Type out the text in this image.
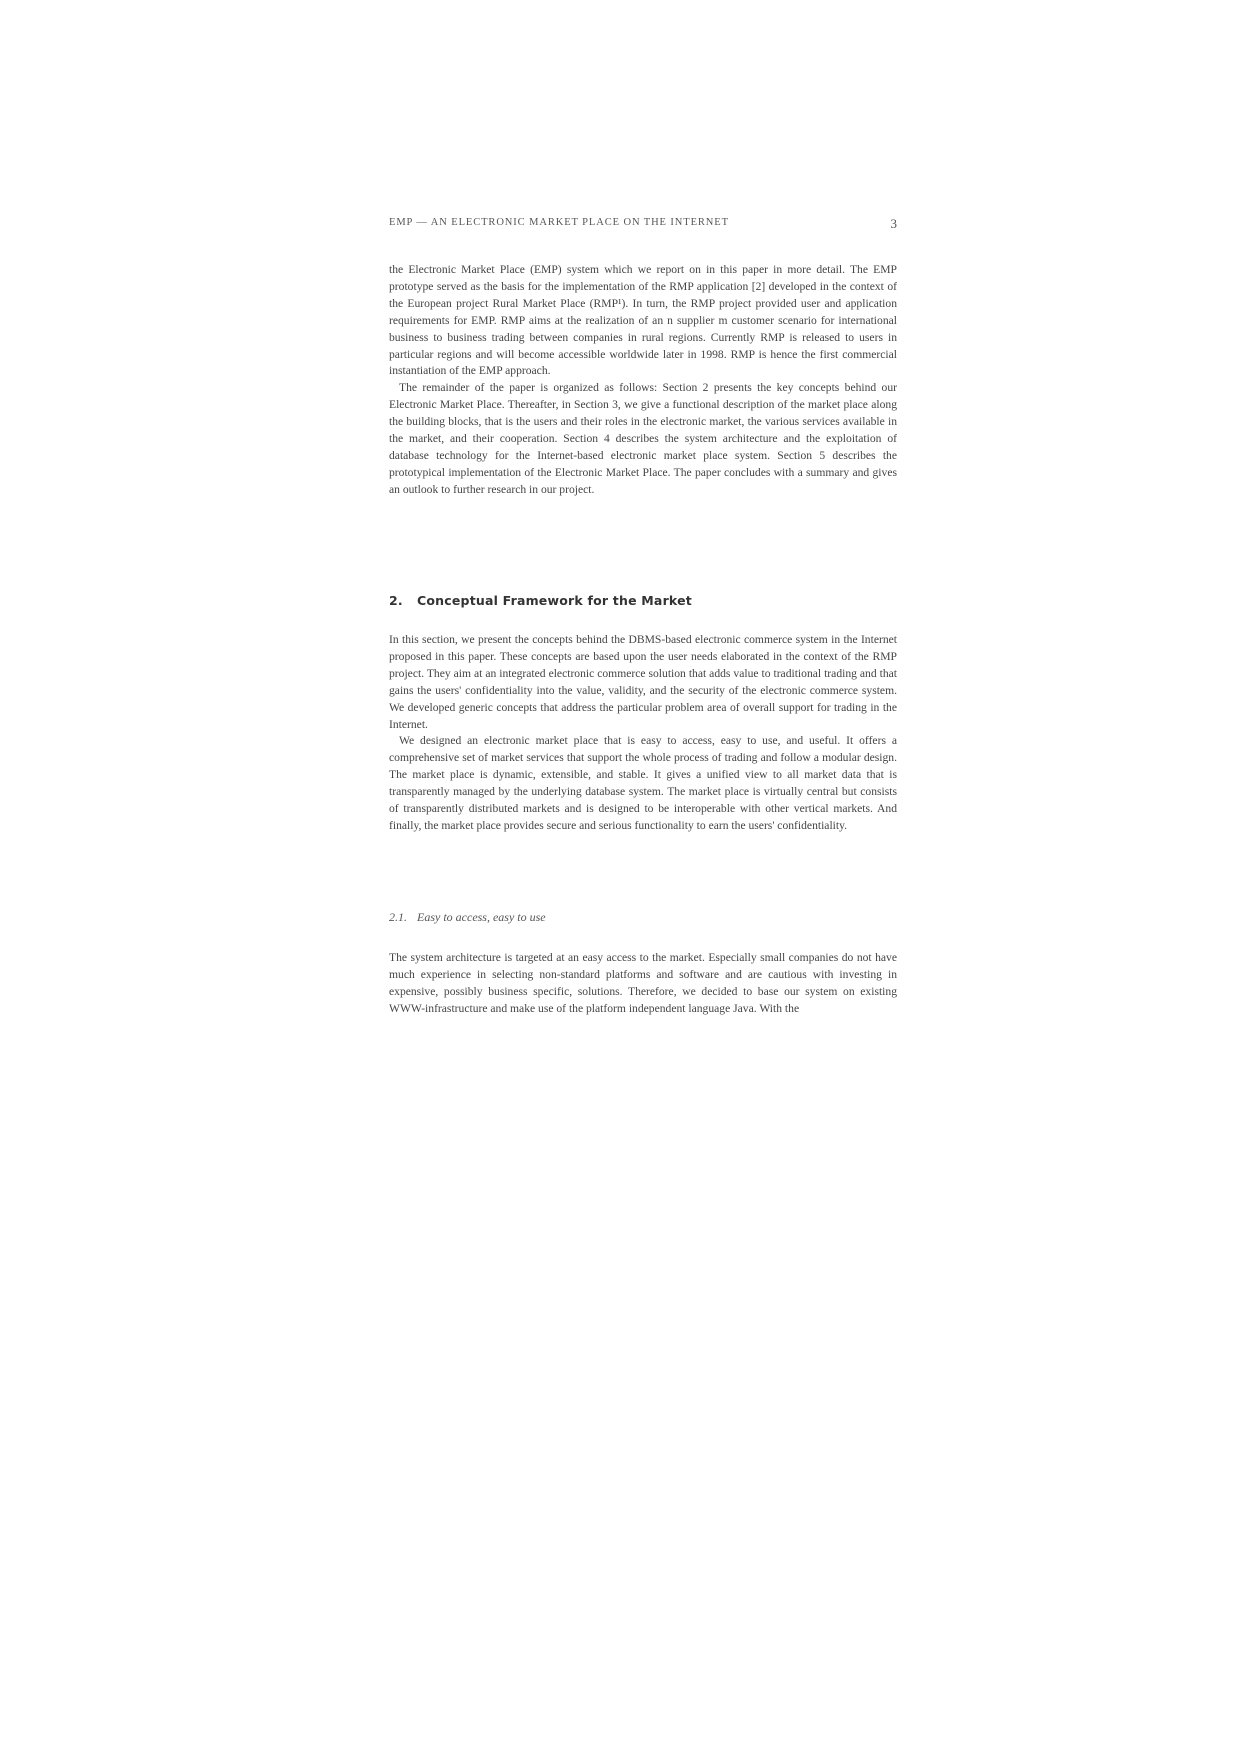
EMP — AN ELECTRONIC MARKET PLACE ON THE INTERNET	3

the Electronic Market Place (EMP) system which we report on in this paper in more detail. The EMP prototype served as the basis for the implementation of the RMP application [2] developed in the context of the European project Rural Market Place (RMP¹). In turn, the RMP project provided user and application requirements for EMP. RMP aims at the realization of an n supplier m customer scenario for international business to business trading between companies in rural regions. Currently RMP is released to users in particular regions and will become accessible worldwide later in 1998. RMP is hence the first commercial instantiation of the EMP approach.

The remainder of the paper is organized as follows: Section 2 presents the key concepts behind our Electronic Market Place. Thereafter, in Section 3, we give a functional description of the market place along the building blocks, that is the users and their roles in the electronic market, the various services available in the market, and their cooperation. Section 4 describes the system architecture and the exploitation of database technology for the Internet-based electronic market place system. Section 5 describes the prototypical implementation of the Electronic Market Place. The paper concludes with a summary and gives an outlook to further research in our project.

2. Conceptual Framework for the Market

In this section, we present the concepts behind the DBMS-based electronic commerce system in the Internet proposed in this paper. These concepts are based upon the user needs elaborated in the context of the RMP project. They aim at an integrated electronic commerce solution that adds value to traditional trading and that gains the users' confidentiality into the value, validity, and the security of the electronic commerce system. We developed generic concepts that address the particular problem area of overall support for trading in the Internet.

We designed an electronic market place that is easy to access, easy to use, and useful. It offers a comprehensive set of market services that support the whole process of trading and follow a modular design. The market place is dynamic, extensible, and stable. It gives a unified view to all market data that is transparently managed by the underlying database system. The market place is virtually central but consists of transparently distributed markets and is designed to be interoperable with other vertical markets. And finally, the market place provides secure and serious functionality to earn the users' confidentiality.

2.1. Easy to access, easy to use

The system architecture is targeted at an easy access to the market. Especially small companies do not have much experience in selecting non-standard platforms and software and are cautious with investing in expensive, possibly business specific, solutions. Therefore, we decided to base our system on existing WWW-infrastructure and make use of the platform independent language Java. With the
